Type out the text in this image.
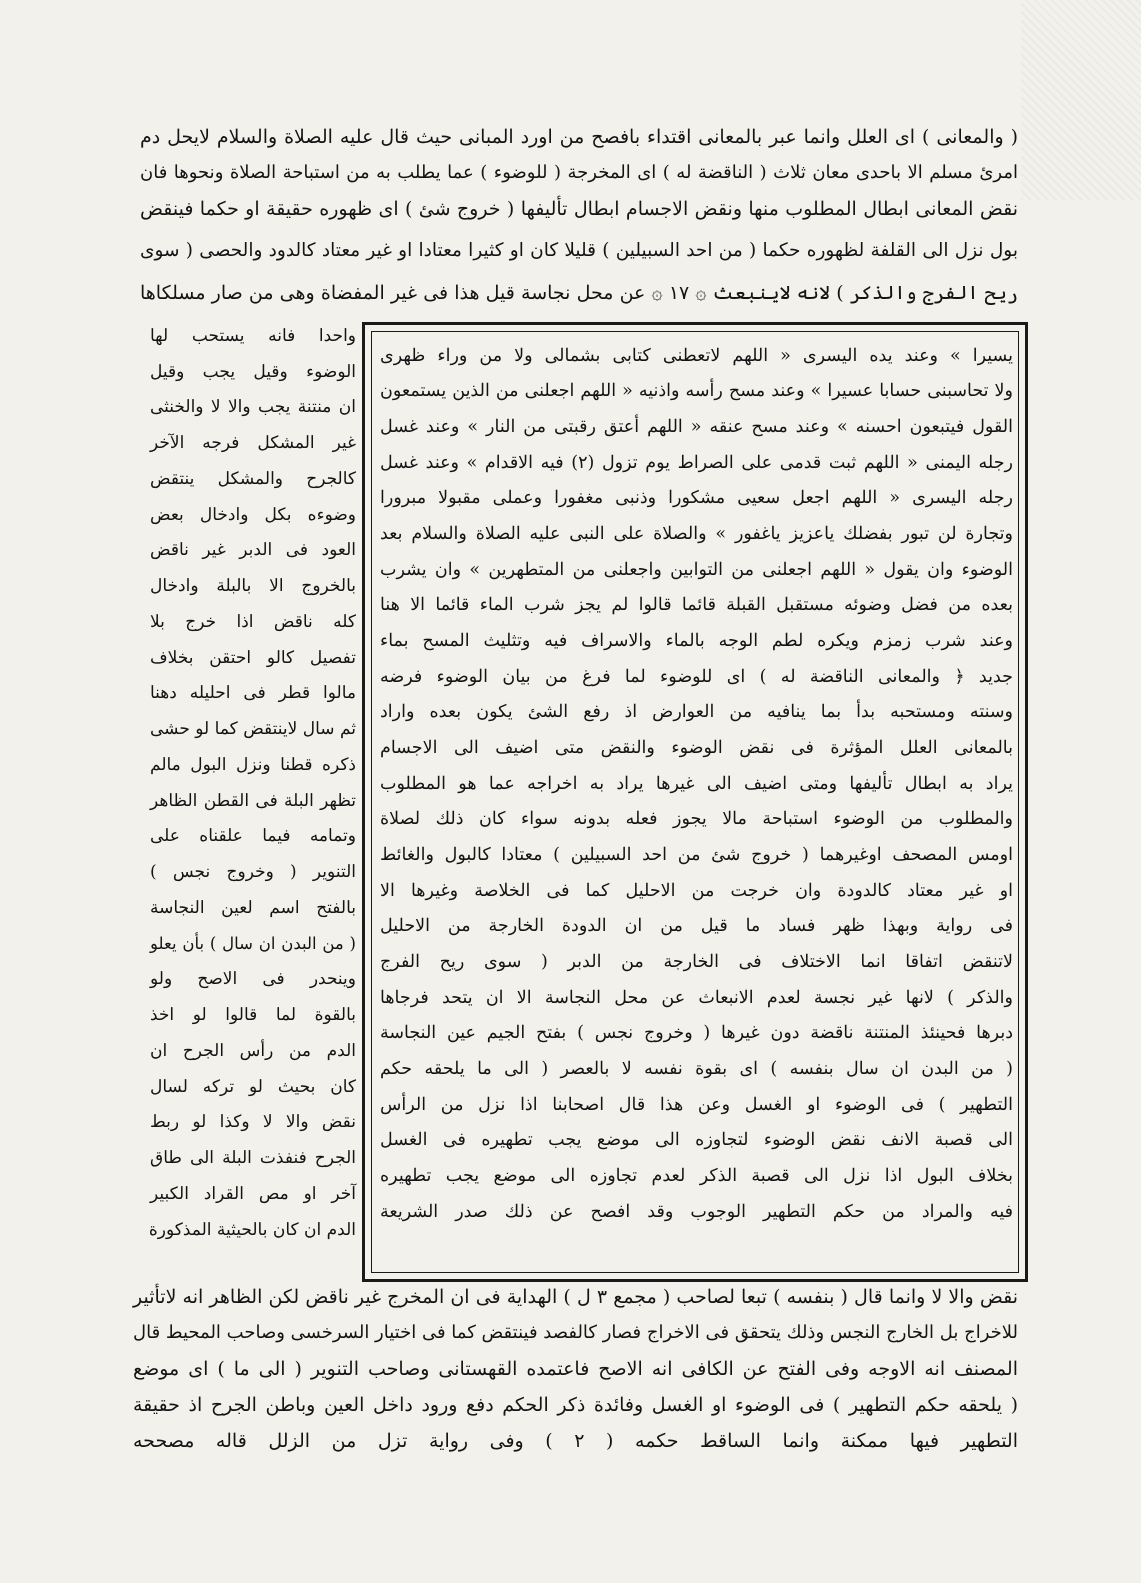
( والمعانى ) اى العلل وانما عبر بالمعانى اقتداء بافصح من اورد المبانى حيث قال عليه الصلاة والسلام لايحل دم
امرئ مسلم الا باحدى معان ثلاث ( الناقضة له ) اى المخرجة ( للوضوء ) عما يطلب به من استباحة الصلاة ونحوها فان
نقض المعانى ابطال المطلوب منها ونقض الاجسام ابطال تأليفها ( خروج شئ ) اى ظهوره حقيقة او حكما فينقض
بول نزل الى القلفة لظهوره حكما ( من احد السبيلين ) قليلا كان او كثيرا معتادا او غير معتاد كالدود والحصى ( سوى
ريح الفرج والذكر ) لانه لاينبعث ۞ ١٧ ۞ عن محل نجاسة قيل هذا فى غير المفضاة وهى من صار مسلكاها
واحدا فانه يستحب لها
الوضوء وقيل يجب وقيل
ان منتنة يجب والا لا والخنثى
غير المشكل فرجه الآخر
كالجرح والمشكل ينتقض
وضوءه بكل وادخال بعض
العود فى الدبر غير ناقض
بالخروج الا بالبلة وادخال
كله ناقض اذا خرج بلا
تفصيل كالو احتقن بخلاف
مالوا قطر فى احليله دهنا
ثم سال لاينتقض كما لو حشى
ذكره قطنا ونزل البول مالم
تظهر البلة فى القطن الظاهر
وتمامه فيما علقناه على
التنوير ( وخروج نجس )
بالفتح اسم لعين النجاسة
( من البدن ان سال ) بأن يعلو
وينحدر فى الاصح ولو
بالقوة لما قالوا لو اخذ
الدم من رأس الجرح ان
كان بحيث لو تركه لسال
نقض والا لا وكذا لو ربط
الجرح فنفذت البلة الى طاق
آخر او مص القراد الكبير
الدم ان كان بالحيثية المذكورة
يسيرا » وعند يده اليسرى « اللهم لاتعطنى كتابى بشمالى ولا من وراء ظهرى
ولا تحاسبنى حسابا عسيرا » وعند مسح رأسه واذنيه « اللهم اجعلنى من الذين يستمعون
القول فيتبعون احسنه » وعند مسح عنقه « اللهم أعتق رقبتى من النار » وعند غسل
رجله اليمنى « اللهم ثبت قدمى على الصراط يوم تزول (٢) فيه الاقدام » وعند غسل
رجله اليسرى « اللهم اجعل سعيى مشكورا وذنبى مغفورا وعملى مقبولا مبرورا
وتجارة لن تبور بفضلك ياعزيز ياغفور » والصلاة على النبى عليه الصلاة والسلام بعد
الوضوء وان يقول « اللهم اجعلنى من التوابين واجعلنى من المتطهرين » وان يشرب
بعده من فضل وضوئه مستقبل القبلة قائما قالوا لم يجز شرب الماء قائما الا هنا
وعند شرب زمزم ويكره لطم الوجه بالماء والاسراف فيه وتثليث المسح بماء
جديد ﴿ والمعانى الناقضة له ) اى للوضوء لما فرغ من بيان الوضوء فرضه
وسنته ومستحبه بدأ بما ينافيه من العوارض اذ رفع الشئ يكون بعده واراد
بالمعانى العلل المؤثرة فى نقض الوضوء والنقض متى اضيف الى الاجسام
يراد به ابطال تأليفها ومتى اضيف الى غيرها يراد به اخراجه عما هو المطلوب
والمطلوب من الوضوء استباحة مالا يجوز فعله بدونه سواء كان ذلك لصلاة
اومس المصحف اوغيرهما ( خروج شئ من احد السبيلين ) معتادا كالبول والغائط
او غير معتاد كالدودة وان خرجت من الاحليل كما فى الخلاصة وغيرها الا
فى رواية وبهذا ظهر فساد ما قيل من ان الدودة الخارجة من الاحليل
لاتنقض اتفاقا انما الاختلاف فى الخارجة من الدبر ( سوى ريح الفرج
والذكر ) لانها غير نجسة لعدم الانبعاث عن محل النجاسة الا ان يتحد فرجاها
دبرها فحينئذ المنتنة ناقضة دون غيرها ( وخروج نجس ) بفتح الجيم عين النجاسة
( من البدن ان سال بنفسه ) اى بقوة نفسه لا بالعصر ( الى ما يلحقه حكم
التطهير ) فى الوضوء او الغسل وعن هذا قال اصحابنا اذا نزل من الرأس
الى قصبة الانف نقض الوضوء لتجاوزه الى موضع يجب تطهيره فى الغسل
بخلاف البول اذا نزل الى قصبة الذكر لعدم تجاوزه الى موضع يجب تطهيره
فيه والمراد من حكم التطهير الوجوب وقد افصح عن ذلك صدر الشريعة
نقض والا لا وانما قال ( بنفسه ) تبعا لصاحب ( مجمع ٣ ل ) الهداية فى ان المخرج غير ناقض لكن الظاهر انه لاتأثير
للاخراج بل الخارج النجس وذلك يتحقق فى الاخراج فصار كالفصد فينتقض كما فى اختيار السرخسى وصاحب المحيط قال
المصنف انه الاوجه وفى الفتح عن الكافى انه الاصح فاعتمده القهستانى وصاحب التنوير ( الى ما ) اى موضع
( يلحقه حكم التطهير ) فى الوضوء او الغسل وفائدة ذكر الحكم دفع ورود داخل العين وباطن الجرح اذ حقيقة
التطهير فيها ممكنة وانما الساقط حكمه ( ٢ ) وفى رواية تزل من الزلل قاله مصححه
